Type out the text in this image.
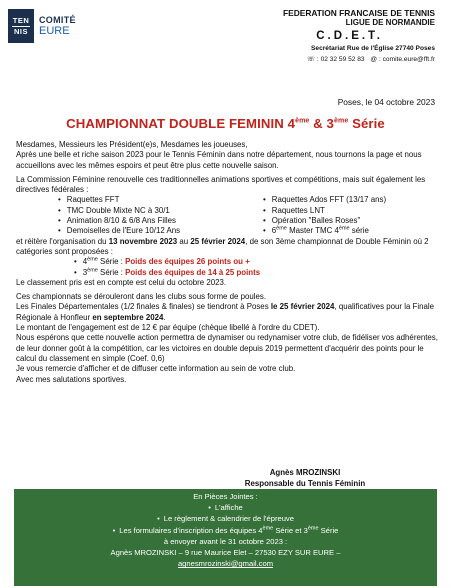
TEN
NIS
COMITÉ
EURE
FEDERATION FRANCAISE DE TENNIS
LIGUE DE NORMANDIE
C.D.E.T.
Secrétariat Rue de l'Église 27740 Poses
☏ : 02 32 59 52 83 @ : comite.eure@fft.fr
Poses, le 04 octobre 2023
CHAMPIONNAT DOUBLE FEMININ 4ème & 3ème Série

Mesdames, Messieurs les Président(e)s, Mesdames les joueuses,

Après une belle et riche saison 2023 pour le Tennis Féminin dans notre département, nous tournons la page et nous accueillons avec les mêmes espoirs et peut être plus cette nouvelle saison.

La Commission Féminine renouvelle ces traditionnelles animations sportives et compétitions, mais suit également les directives fédérales :

• Raquettes FFT	• Raquettes Ados FFT (13/17 ans)
• TMC Double Mixte NC à 30/1	• Raquettes LNT
• Animation 8/10 & 6/8 Ans Filles	• Opération "Balles Roses"
• Demoiselles de l'Eure 10/12 Ans	• 6ème Master TMC 4ème série

et réitère l'organisation du 13 novembre 2023 au 25 février 2024, de son 3ème championnat de Double Féminin où 2 catégories sont proposées :

• 4ème Série : Poids des équipes 26 points ou +
• 3ème Série : Poids des équipes de 14 à 25 points

Le classement pris est en compte est celui du octobre 2023.

Ces championnats se dérouleront dans les clubs sous forme de poules.

Les Finales Départementales (1/2 finales & finales) se tiendront à Poses le 25 février 2024, qualificatives pour la Finale Régionale à Honfleur en septembre 2024.

Le montant de l'engagement est de 12 € par équipe (chèque libellé à l'ordre du CDET).

Nous espérons que cette nouvelle action permettra de dynamiser ou redynamiser votre club, de fidéliser vos adhérentes, de leur donner goût à la compétition, car les victoires en double depuis 2019 permettent d'acquérir des points pour le calcul du classement en simple (Coef. 0,6)

Je vous remercie d'afficher et de diffuser cette information au sein de votre club.

Avec mes salutations sportives.

Agnès MROZINSKI
Responsable du Tennis Féminin
En Pièces Jointes :
• L'affiche
• Le règlement & calendrier de l'épreuve
• Les formulaires d'inscription des équipes 4ème Série et 3ème Série
à envoyer avant le 31 octobre 2023 :
Agnès MROZINSKI – 9 rue Maurice Elet – 27530 EZY SUR EURE –
agnesmrozinski@gmail.com
